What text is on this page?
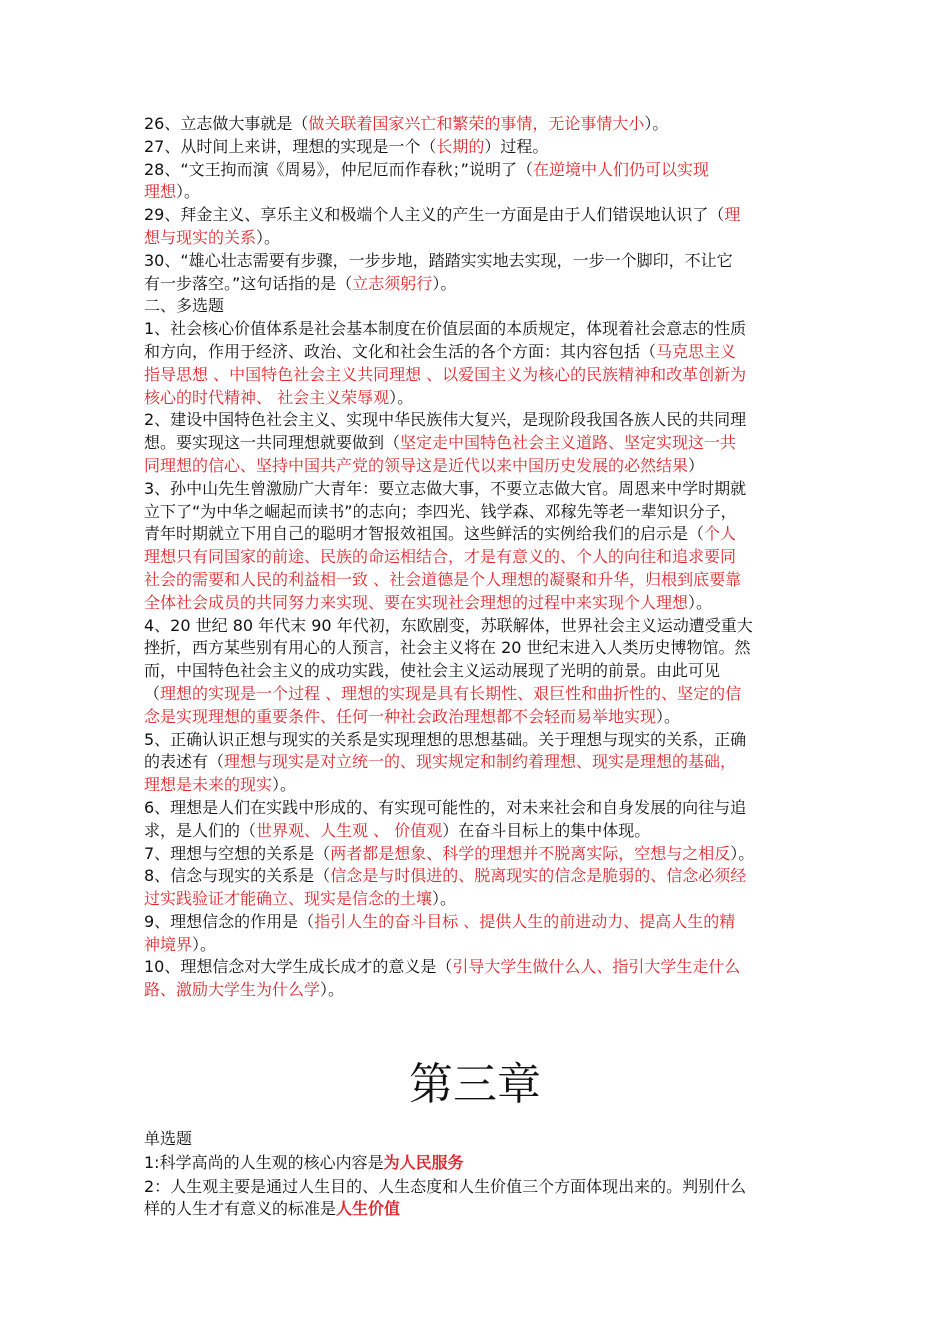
26、立志做大事就是（做关联着国家兴亡和繁荣的事情，无论事情大小）。
27、从时间上来讲，理想的实现是一个（长期的）过程。
28、“文王拘而演《周易》，仲尼厄而作春秋；”说明了（在逆境中人们仍可以实现
理想）。
29、拜金主义、享乐主义和极端个人主义的产生一方面是由于人们错误地认识了（理
想与现实的关系）。
30、“雄心壮志需要有步骤，一步步地，踏踏实实地去实现，一步一个脚印，不让它
有一步落空。”这句话指的是（立志须躬行）。
二、多选题
1、社会核心价值体系是社会基本制度在价值层面的本质规定，体现着社会意志的性质
和方向，作用于经济、政治、文化和社会生活的各个方面：其内容包括（马克思主义
指导思想 、中国特色社会主义共同理想 、以爱国主义为核心的民族精神和改革创新为
核心的时代精神、 社会主义荣辱观）。
2、建设中国特色社会主义、实现中华民族伟大复兴，是现阶段我国各族人民的共同理
想。要实现这一共同理想就要做到（坚定走中国特色社会主义道路、坚定实现这一共
同理想的信心、坚持中国共产党的领导这是近代以来中国历史发展的必然结果）
3、孙中山先生曾激励广大青年：要立志做大事，不要立志做大官。周恩来中学时期就
立下了“为中华之崛起而读书”的志向；李四光、钱学森、邓稼先等老一辈知识分子，
青年时期就立下用自己的聪明才智报效祖国。这些鲜活的实例给我们的启示是（个人
理想只有同国家的前途、民族的命运相结合，才是有意义的、个人的向往和追求要同
社会的需要和人民的利益相一致 、社会道德是个人理想的凝聚和升华，归根到底要靠
全体社会成员的共同努力来实现、要在实现社会理想的过程中来实现个人理想）。
4、20 世纪 80 年代末 90 年代初，东欧剧变，苏联解体，世界社会主义运动遭受重大
挫折，西方某些别有用心的人预言，社会主义将在 20 世纪末进入人类历史博物馆。然
而，中国特色社会主义的成功实践，使社会主义运动展现了光明的前景。由此可见
（理想的实现是一个过程 、理想的实现是具有长期性、艰巨性和曲折性的、坚定的信
念是实现理想的重要条件、任何一种社会政治理想都不会轻而易举地实现）。
5、正确认识正想与现实的关系是实现理想的思想基础。关于理想与现实的关系，正确
的表述有（理想与现实是对立统一的、现实规定和制约着理想、现实是理想的基础，
理想是未来的现实）。
6、理想是人们在实践中形成的、有实现可能性的，对未来社会和自身发展的向往与追
求，是人们的（世界观、人生观 、 价值观）在奋斗目标上的集中体现。
7、理想与空想的关系是（两者都是想象、科学的理想并不脱离实际，空想与之相反）。
8、信念与现实的关系是（信念是与时俱进的、脱离现实的信念是脆弱的、信念必须经
过实践验证才能确立、现实是信念的土壤）。
9、理想信念的作用是（指引人生的奋斗目标 、提供人生的前进动力、提高人生的精
神境界）。
10、理想信念对大学生成长成才的意义是（引导大学生做什么人、指引大学生走什么
路、激励大学生为什么学）。
第三章
单选题
1:科学高尚的人生观的核心内容是为人民服务
2：人生观主要是通过人生目的、人生态度和人生价值三个方面体现出来的。判别什么
样的人生才有意义的标准是人生价值
